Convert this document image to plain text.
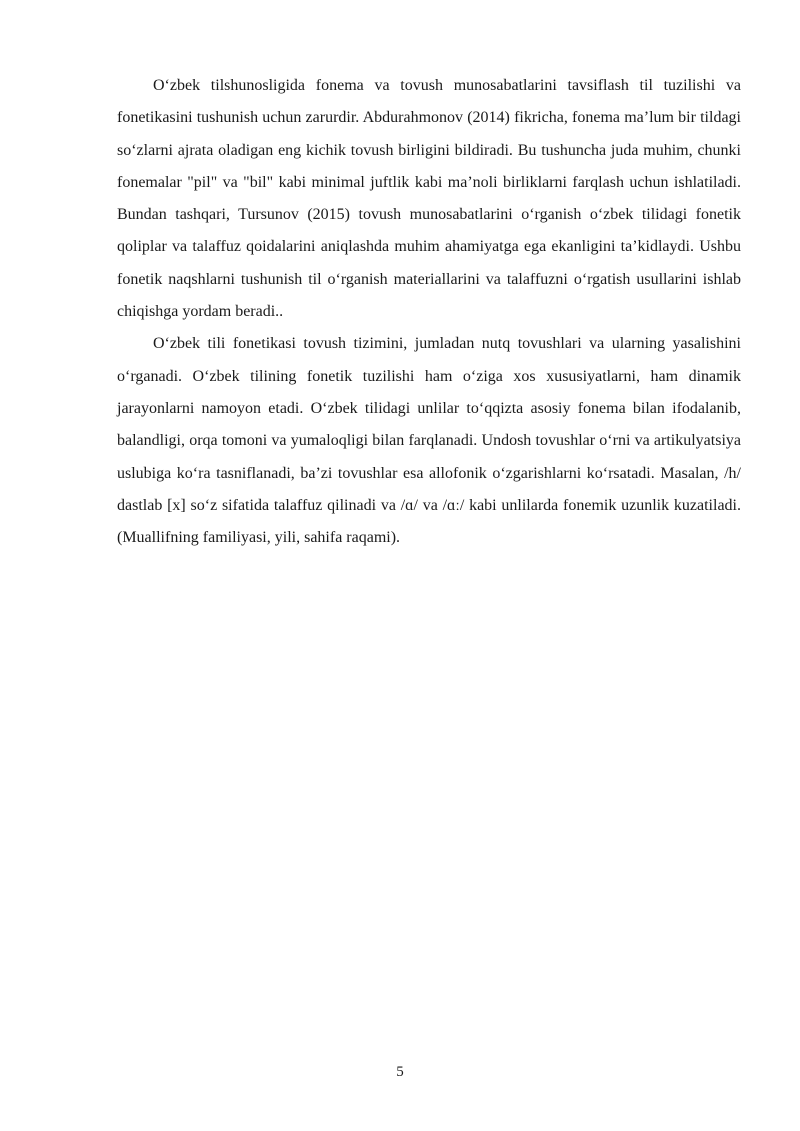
O‘zbek tilshunosligida fonema va tovush munosabatlarini tavsiflash til tuzilishi va fonetikasini tushunish uchun zarurdir. Abdurahmonov (2014) fikricha, fonema ma’lum bir tildagi so‘zlarni ajrata oladigan eng kichik tovush birligini bildiradi. Bu tushuncha juda muhim, chunki fonemalar "pil" va "bil" kabi minimal juftlik kabi ma’noli birliklarni farqlash uchun ishlatiladi. Bundan tashqari, Tursunov (2015) tovush munosabatlarini o‘rganish o‘zbek tilidagi fonetik qoliplar va talaffuz qoidalarini aniqlashda muhim ahamiyatga ega ekanligini ta’kidlaydi. Ushbu fonetik naqshlarni tushunish til o‘rganish materiallarini va talaffuzni o‘rgatish usullarini ishlab chiqishga yordam beradi..

O‘zbek tili fonetikasi tovush tizimini, jumladan nutq tovushlari va ularning yasalishini o‘rganadi. O‘zbek tilining fonetik tuzilishi ham o‘ziga xos xususiyatlarni, ham dinamik jarayonlarni namoyon etadi. O‘zbek tilidagi unlilar to‘qqizta asosiy fonema bilan ifodalanib, balandligi, orqa tomoni va yumaloqligi bilan farqlanadi. Undosh tovushlar o‘rni va artikulyatsiya uslubiga ko‘ra tasniflanadi, ba’zi tovushlar esa allofonik o‘zgarishlarni ko‘rsatadi. Masalan, /h/ dastlab [x] so‘z sifatida talaffuz qilinadi va /ɑ/ va /ɑː/ kabi unlilarda fonemik uzunlik kuzatiladi. (Muallifning familiyasi, yili, sahifa raqami).

5
